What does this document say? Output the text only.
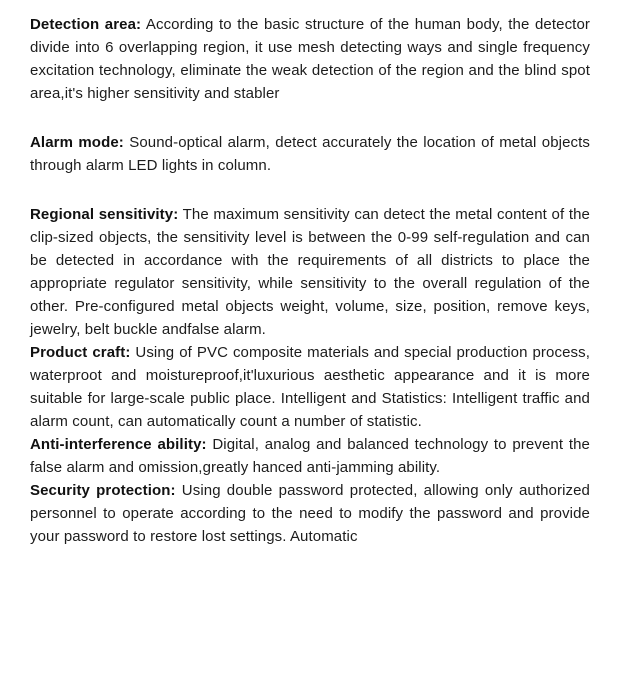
Detection area: According to the basic structure of the human body, the detector divide into 6 overlapping region, it use mesh detecting ways and single frequency excitation technology, eliminate the weak detection of the region and the blind spot area,it's higher sensitivity and stabler

Alarm mode: Sound-optical alarm, detect accurately the location of metal objects through alarm LED lights in column.

Regional sensitivity: The maximum sensitivity can detect the metal content of the clip-sized objects, the sensitivity level is between the 0-99 self-regulation and can be detected in accordance with the requirements of all districts to place the appropriate regulator sensitivity, while sensitivity to the overall regulation of the other. Pre-configured metal objects weight, volume, size, position, remove keys, jewelry, belt buckle andfalse alarm.

Product craft: Using of PVC composite materials and special production process, waterproot and moistureproof,it'luxurious aesthetic appearance and it is more suitable for large-scale public place. Intelligent and Statistics: Intelligent traffic and alarm count, can automatically count a number of statistic.

Anti-interference ability: Digital, analog and balanced technology to prevent the false alarm and omission,greatly hanced anti-jamming ability.

Security protection: Using double password protected, allowing only authorized personnel to operate according to the need to modify the password and provide your password to restore lost settings. Automatic
